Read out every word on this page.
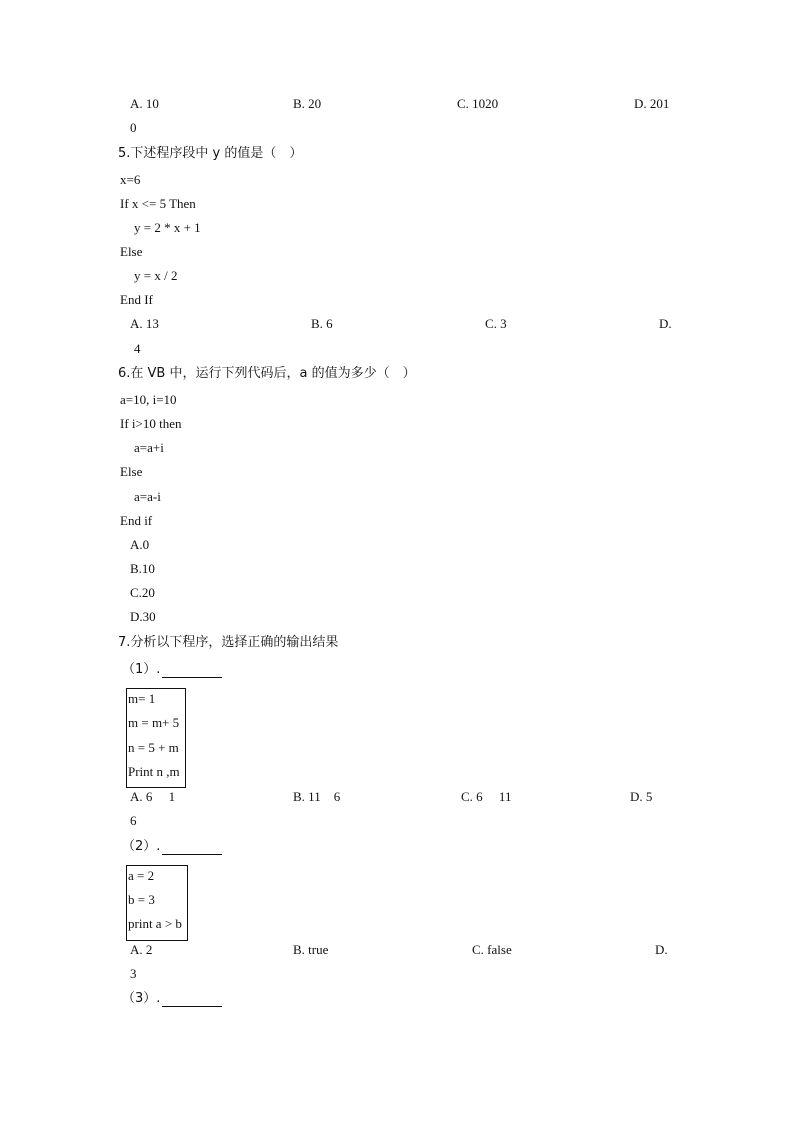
A. 10	B. 20	C. 1020	D. 201
0
5.下述程序段中 y 的值是（　）
x=6
If x <= 5 Then
y = 2 * x + 1
Else
y = x / 2
End If
A. 13	B. 6	C. 3	D.
4
6.在 VB 中，运行下列代码后，a 的值为多少（　）
a=10, i=10
If i>10 then
a=a+i
Else
a=a-i
End if
A.0
B.10
C.20
D.30
7.分析以下程序，选择正确的输出结果
（1）.
m= 1
m = m+ 5
n = 5 + m
Print n ,m
A. 6　 1	B. 11　6	C. 6　 11	D. 5
6
（2）.
a = 2
b = 3
print a > b
A. 2	B. true	C. false	D.
3
（3）.
